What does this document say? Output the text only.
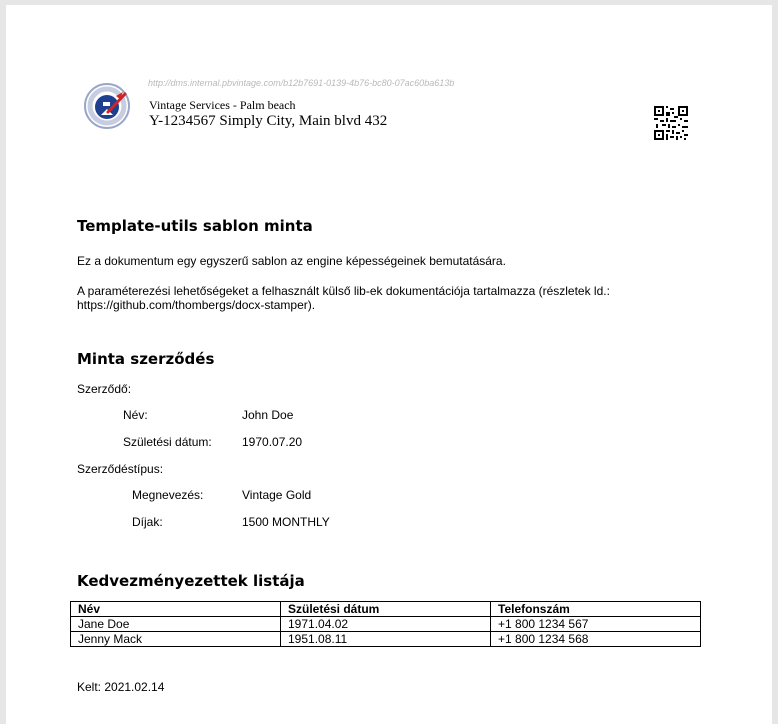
http://dms.internal.pbvintage.com/b12b7691-0139-4b76-bc80-07ac60ba613b
Vintage Services - Palm beach
Y-1234567 Simply City, Main blvd 432
Template-utils sablon minta
Ez a dokumentum egy egyszerű sablon az engine képességeinek bemutatására.
A paraméterezési lehetőségeket a felhasznált külső lib-ek dokumentációja tartalmazza (részletek ld.:
https://github.com/thombergs/docx-stamper).
Minta szerződés
Szerződő:
Név:	John Doe
Születési dátum:	1970.07.20
Szerződéstípus:
Megnevezés:	Vintage Gold
Díjak:	1500 MONTHLY
Kedvezményezettek listája
Név	Születési dátum	Telefonszám
Jane Doe	1971.04.02	+1 800 1234 567
Jenny Mack	1951.08.11	+1 800 1234 568
Kelt: 2021.02.14
